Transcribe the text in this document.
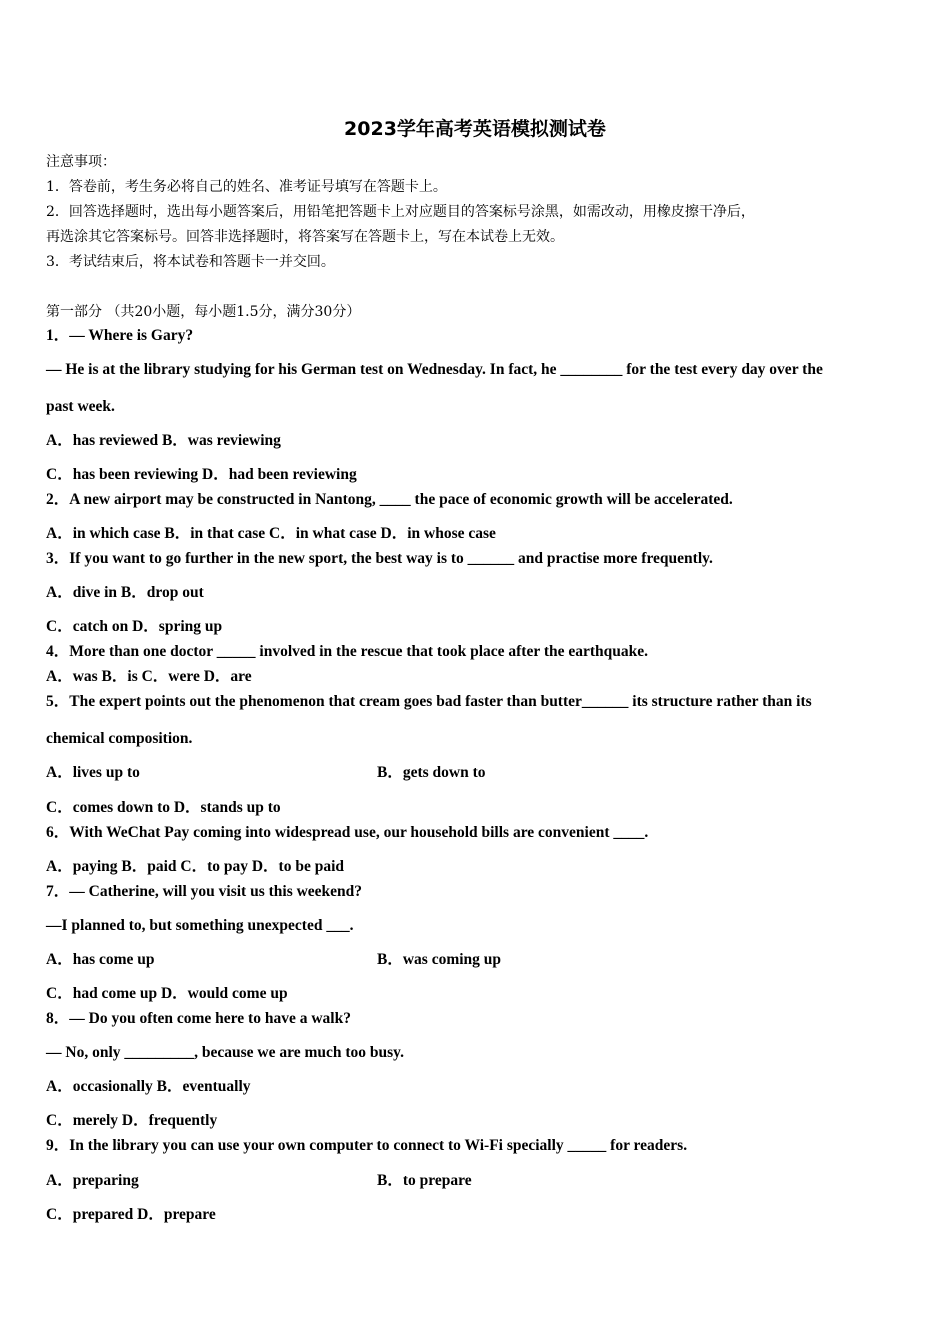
2023学年高考英语模拟测试卷
注意事项：
1．答卷前，考生务必将自己的姓名、准考证号填写在答题卡上。
2．回答选择题时，选出每小题答案后，用铅笔把答题卡上对应题目的答案标号涂黑，如需改动，用橡皮擦干净后，
再选涂其它答案标号。回答非选择题时，将答案写在答题卡上，写在本试卷上无效。
3．考试结束后，将本试卷和答题卡一并交回。
第一部分 （共20小题，每小题1.5分，满分30分）
1．— Where is Gary?
— He is at the library studying for his German test on Wednesday. In fact, he ________ for the test every day over the
past week.
A．has reviewed B．was reviewing
C．has been reviewing D．had been reviewing
2．A new airport may be constructed in Nantong, ____ the pace of economic growth will be accelerated.
A．in which case B．in that case C．in what case D．in whose case
3．If you want to go further in the new sport, the best way is to ______ and practise more frequently.
A．dive in B．drop out
C．catch on D．spring up
4．More than one doctor _____ involved in the rescue that took place after the earthquake.
A．was B．is C．were D．are
5．The expert points out the phenomenon that cream goes bad faster than butter______ its structure rather than its
chemical composition.
A．lives up to	B．gets down to
C．comes down to D．stands up to
6．With WeChat Pay coming into widespread use, our household bills are convenient ____.
A．paying B．paid C．to pay D．to be paid
7．— Catherine, will you visit us this weekend?
—I planned to, but something unexpected ___.
A．has come up	B．was coming up
C．had come up D．would come up
8．— Do you often come here to have a walk?
— No, only _________, because we are much too busy.
A．occasionally B．eventually
C．merely D．frequently
9．In the library you can use your own computer to connect to Wi-Fi specially _____ for readers.
A．preparing	B．to prepare
C．prepared D．prepare
